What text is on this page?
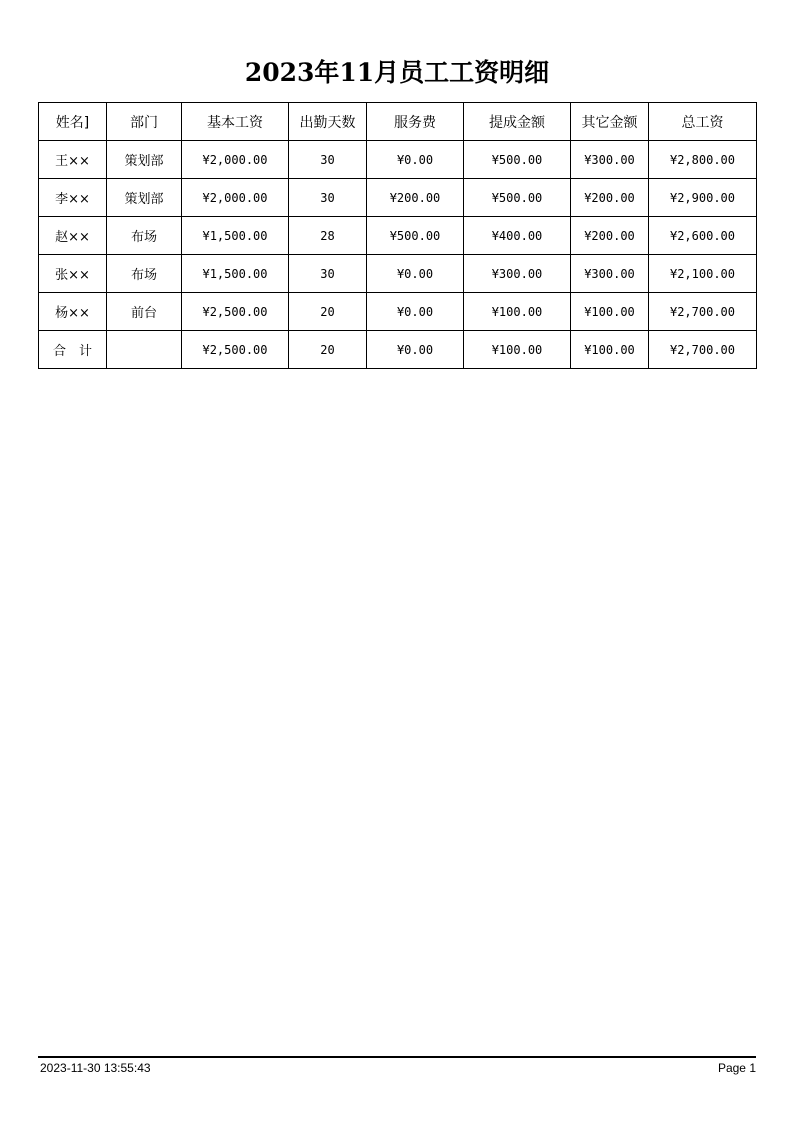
2023年11月员工工资明细
姓名]	部门	基本工资	出勤天数	服务费	提成金额	其它金额	总工资
王××	策划部	¥2,000.00	30	¥0.00	¥500.00	¥300.00	¥2,800.00
李××	策划部	¥2,000.00	30	¥200.00	¥500.00	¥200.00	¥2,900.00
赵××	布场	¥1,500.00	28	¥500.00	¥400.00	¥200.00	¥2,600.00
张××	布场	¥1,500.00	30	¥0.00	¥300.00	¥300.00	¥2,100.00
杨××	前台	¥2,500.00	20	¥0.00	¥100.00	¥100.00	¥2,700.00
合　计		¥2,500.00	20	¥0.00	¥100.00	¥100.00	¥2,700.00
2023-11-30 13:55:43	Page 1
